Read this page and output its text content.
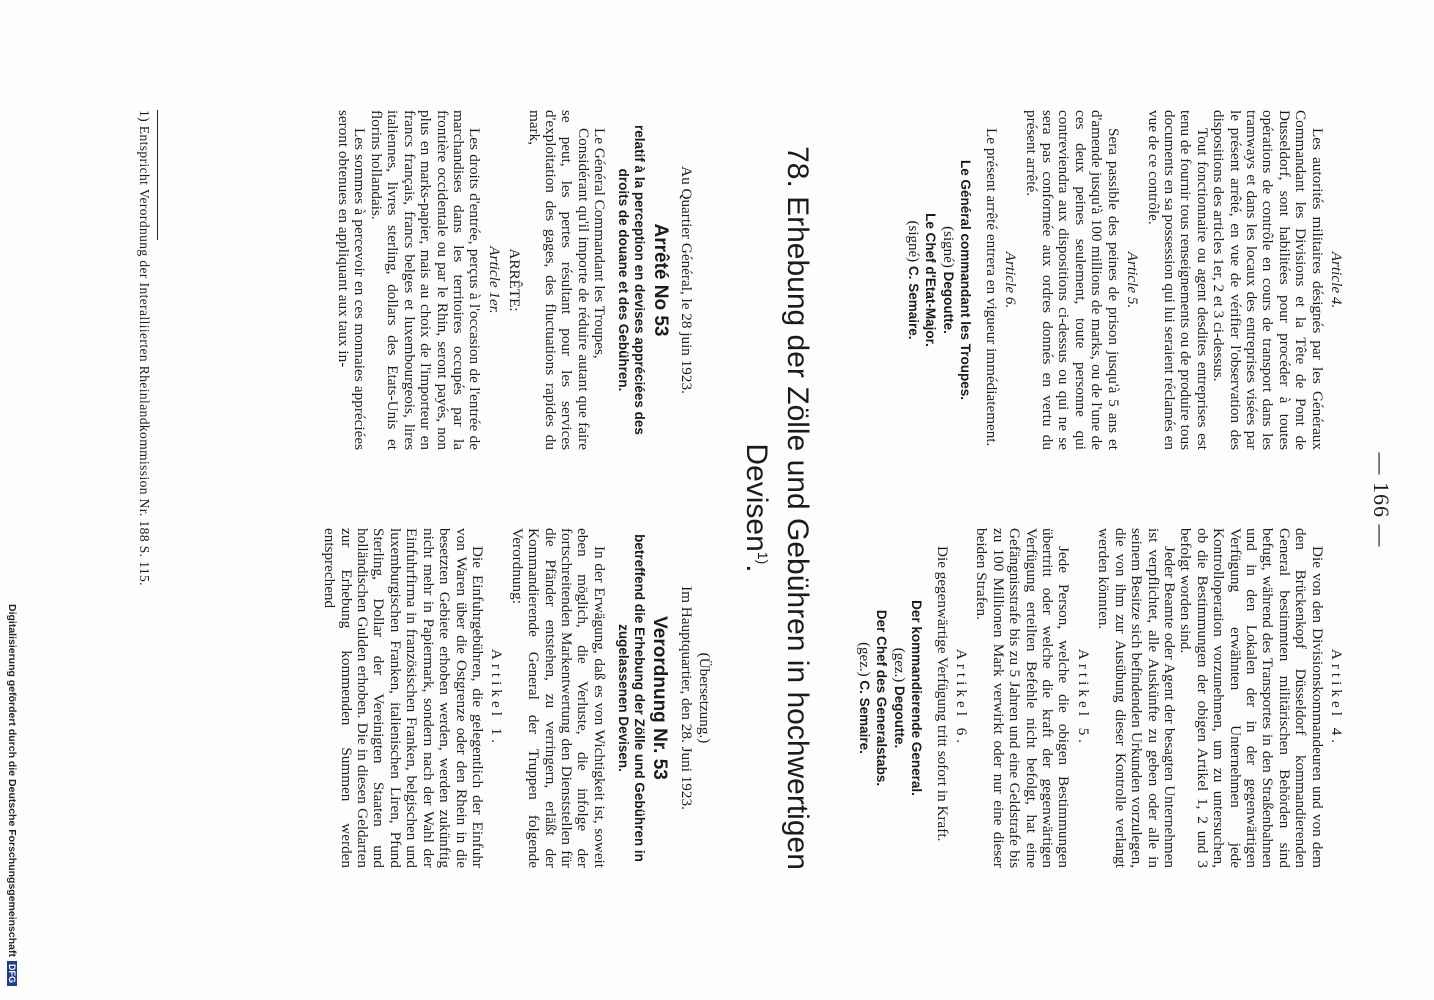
— 166 —
Article 4.

Les autorités militaires désignés par les Généraux Commandant les Divisions et la Tête de Pont de Dusseldorf, sont habilitées pour procéder à toutes opérations de contrôle en cours de transport dans les tramways et dans les locaux des entreprises visées par le présent arrêté, en vue de vérifier l'observation des dispositions des articles 1er, 2 et 3 ci-dessus.

Tout fonctionnaire ou agent desdites entreprises est tenu de fournir tous renseignements ou de produire tous documents en sa possession qui lui seraient réclamés en vue de ce contrôle.

Article 5.

Sera passible des peines de prison jusqu'à 5 ans et d'amende jusqu'à 100 millions de marks, ou de l'une de ces deux peines seulement, toute personne qui contreviendra aux dispositions ci-dessus ou qui ne se sera pas conformée aux ordres donnés en vertu du présent arrêté.

Article 6.

Le présent arrêté entrera en vigueur immédiatement.

Le Général commandant les Troupes.
(signé) Degoutte.
Le Chef d'Etat-Major.
(signé) C. Semaire.
Artikel 4.

Die von den Divisionskommandeuren und von dem den Brückenkopf Düsseldorf kommandierenden General bestimmten militärischen Behörden sind befugt, während des Transportes in den Straßenbahnen und in den Lokalen der in der gegenwärtigen Verfügung erwähnten Unternehmen jede Kontrolloperation vorzunehmen, um zu untersuchen, ob die Bestimmungen der obigen Artikel 1, 2 und 3 befolgt worden sind.

Jeder Beamte oder Agent der besagten Unternehmen ist verpflichtet, alle Auskünfte zu geben oder alle in seinem Besitze sich befindenden Urkunden vorzulegen, die von ihm zur Ausübung dieser Kontrolle verlangt werden könnten.

Artikel 5.

Jede Person, welche die obigen Bestimmungen übertritt oder welche die kraft der gegenwärtigen Verfügung erteilten Befehle nicht befolgt, hat eine Gefängnisstrafe bis zu 5 Jahren und eine Geldstrafe bis zu 100 Millionen Mark verwirkt oder nur eine dieser beiden Strafen.

Artikel 6.

Die gegenwärtige Verfügung tritt sofort in Kraft.

Der kommandierende General.
(gez.) Degoutte.
Der Chef des Generalstabs.
(gez.) C. Semaire.
78. Erhebung der Zölle und Gebühren in hochwertigen Devisen$^{1)}$.
Au Quartier Général, le 28 juin 1923.
Arrêté No 53
relatif à la perception en devises appréciées des droits de douane et des Gebühren.

Le Général Commandant les Troupes,

Considérant qu'il importe de réduire autant que faire se peut, les pertes résultant pour les services d'exploitation des gages, des fluctuations rapides du mark,

ARRÊTE:
Article 1er.

Les droits d'entrée, perçus à l'occasion de l'entrée de marchandises dans les territoires occupés par la frontière occidentale ou par le Rhin, seront payés, non plus en marks-papier, mais au choix de l'importeur en francs français, francs belges et luxembourgeois, lires italiennes, livres sterling, dollars des Etats-Unis et florins hollandais.

Les sommes à percevoir en ces monnaies appréciées seront obtenues en appliquant aux taux in-

(Übersetzung.)
Im Hauptquartier, den 28. Juni 1923.
Verordnung Nr. 53
betreffend die Erhebung der Zölle und Gebühren in zugelassenen Devisen.

In der Erwägung, daß es von Wichtigkeit ist, soweit eben möglich, die Verluste, die infolge der fortschreitenden Markentwertung den Dienststellen für die Pfänder entstehen, zu verringern, erläßt der Kommandierende General der Truppen folgende Verordnung:

Artikel 1.

Die Einfuhrgebühren, die gelegentlich der Einfuhr von Waren über die Ostgrenze oder den Rhein in die besetzten Gebiete erhoben werden, werden zukünftig nicht mehr in Papiermark, sondern nach der Wahl der Einfuhrfirma in französischen Franken, belgischen und luxemburgischen Franken, italienischen Liren, Pfund Sterling, Dollar der Vereinigten Staaten und holländischen Gulden erhoben. Die in diesen Geldarten zur Erhebung kommenden Summen werden entsprechend

1) Entspricht Verordnung der Interalliierten Rheinlandkommission Nr. 188 S. 115.
Digitalisierung gefördert durch die Deutsche ForschungsgemeinschaftDFG
